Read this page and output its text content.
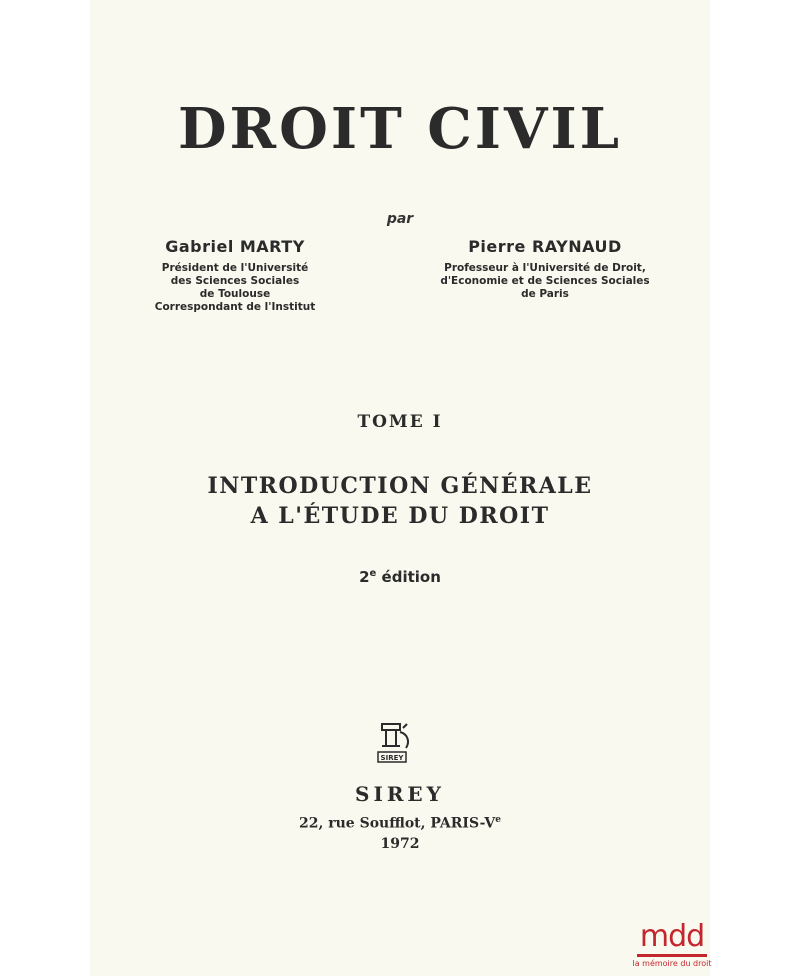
DROIT CIVIL
par
Gabriel MARTY
Président de l'Université
des Sciences Sociales
de Toulouse
Correspondant de l'Institut
Pierre RAYNAUD
Professeur à l'Université de Droit,
d'Economie et de Sciences Sociales
de Paris
TOME I
INTRODUCTION GÉNÉRALE
A L'ÉTUDE DU DROIT
2e édition
SIREY
SIREY
22, rue Soufflot, PARIS-Ve
1972
mdd
la mémoire du droit
